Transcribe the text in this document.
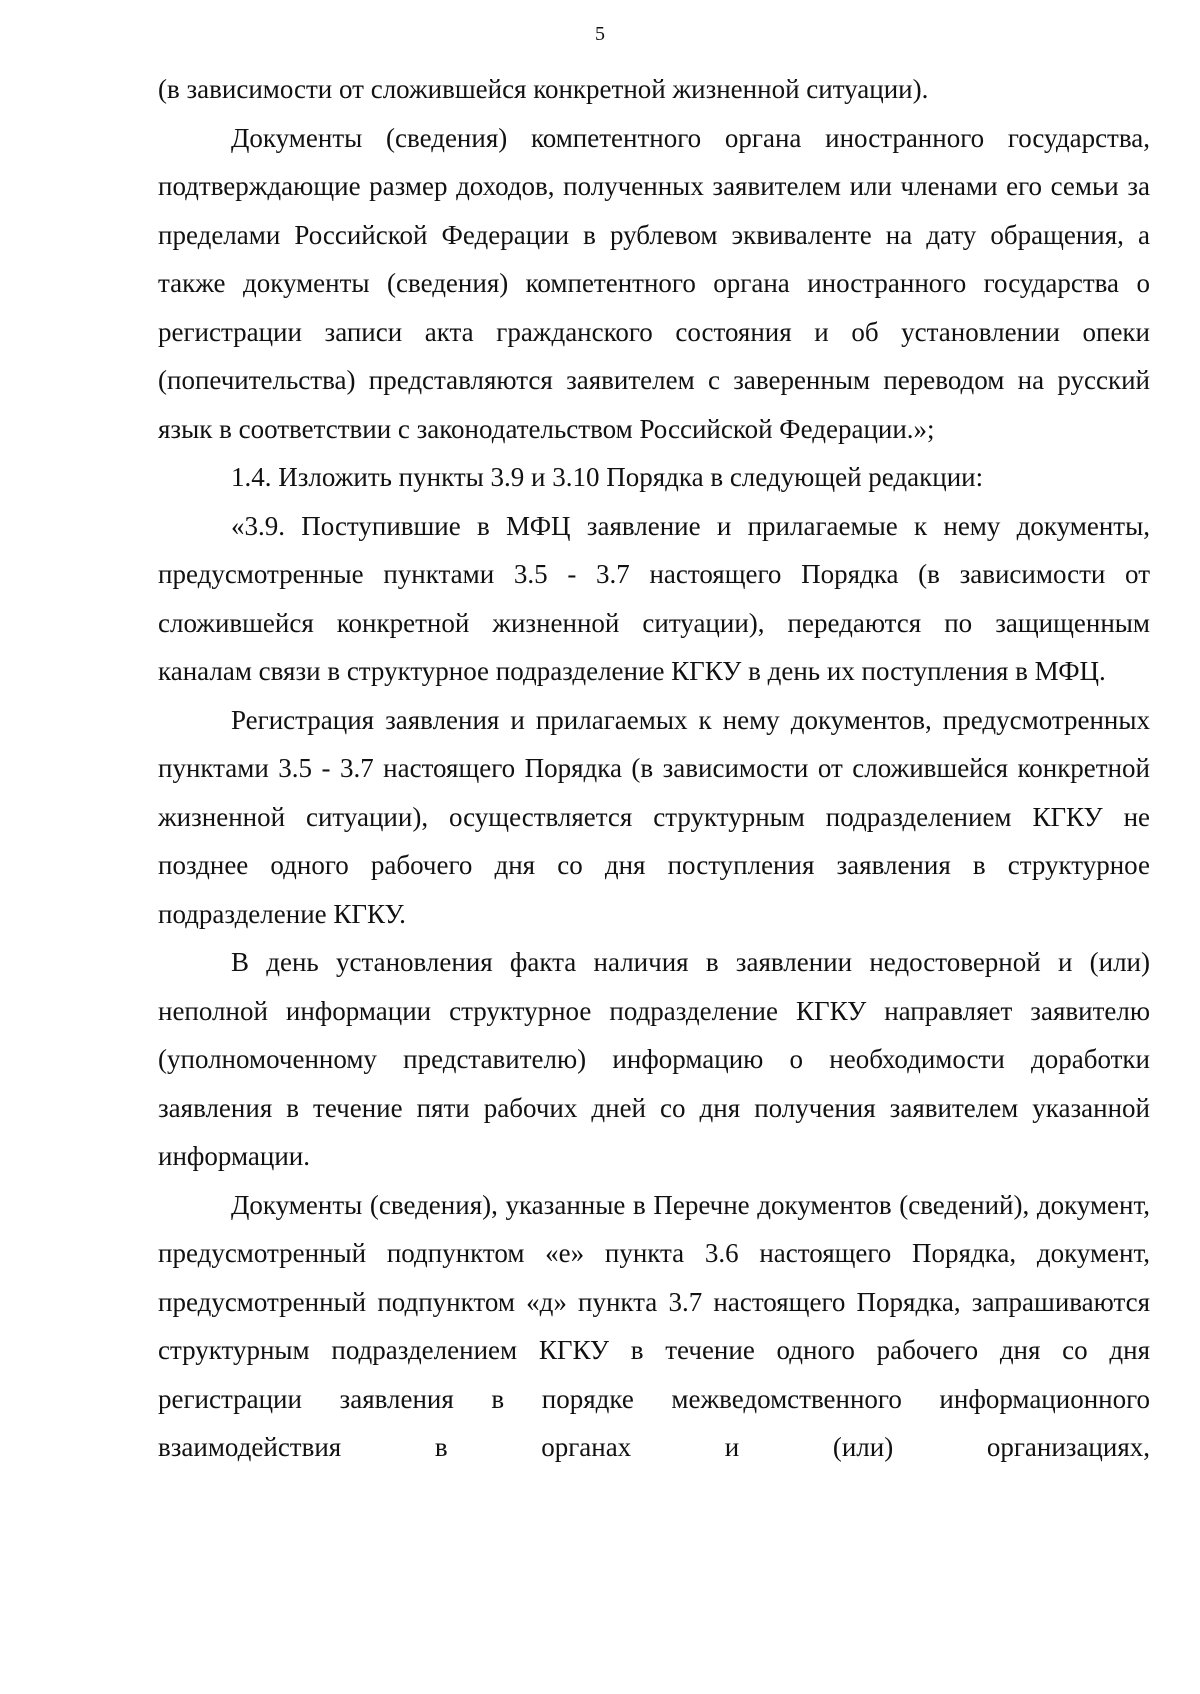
5

(в зависимости от сложившейся конкретной жизненной ситуации).

Документы (сведения) компетентного органа иностранного государства, подтверждающие размер доходов, полученных заявителем или членами его семьи за пределами Российской Федерации в рублевом эквиваленте на дату обращения, а также документы (сведения) компетентного органа иностранного государства о регистрации записи акта гражданского состояния и об установлении опеки (попечительства) представляются заявителем с заверенным переводом на русский язык в соответствии с законодательством Российской Федерации.»;

1.4. Изложить пункты 3.9 и 3.10 Порядка в следующей редакции:

«3.9. Поступившие в МФЦ заявление и прилагаемые к нему документы, предусмотренные пунктами 3.5 - 3.7 настоящего Порядка (в зависимости от сложившейся конкретной жизненной ситуации), передаются по защищенным каналам связи в структурное подразделение КГКУ в день их поступления в МФЦ.

Регистрация заявления и прилагаемых к нему документов, предусмотренных пунктами 3.5 - 3.7 настоящего Порядка (в зависимости от сложившейся конкретной жизненной ситуации), осуществляется структурным подразделением КГКУ не позднее одного рабочего дня со дня поступления заявления в структурное подразделение КГКУ.

В день установления факта наличия в заявлении недостоверной и (или) неполной информации структурное подразделение КГКУ направляет заявителю (уполномоченному представителю) информацию о необходимости доработки заявления в течение пяти рабочих дней со дня получения заявителем указанной информации.

Документы (сведения), указанные в Перечне документов (сведений), документ, предусмотренный подпунктом «е» пункта 3.6 настоящего Порядка, документ, предусмотренный подпунктом «д» пункта 3.7 настоящего Порядка, запрашиваются структурным подразделением КГКУ в течение одного рабочего дня со дня регистрации заявления в порядке межведомственного информационного взаимодействия в органах и (или) организациях,
